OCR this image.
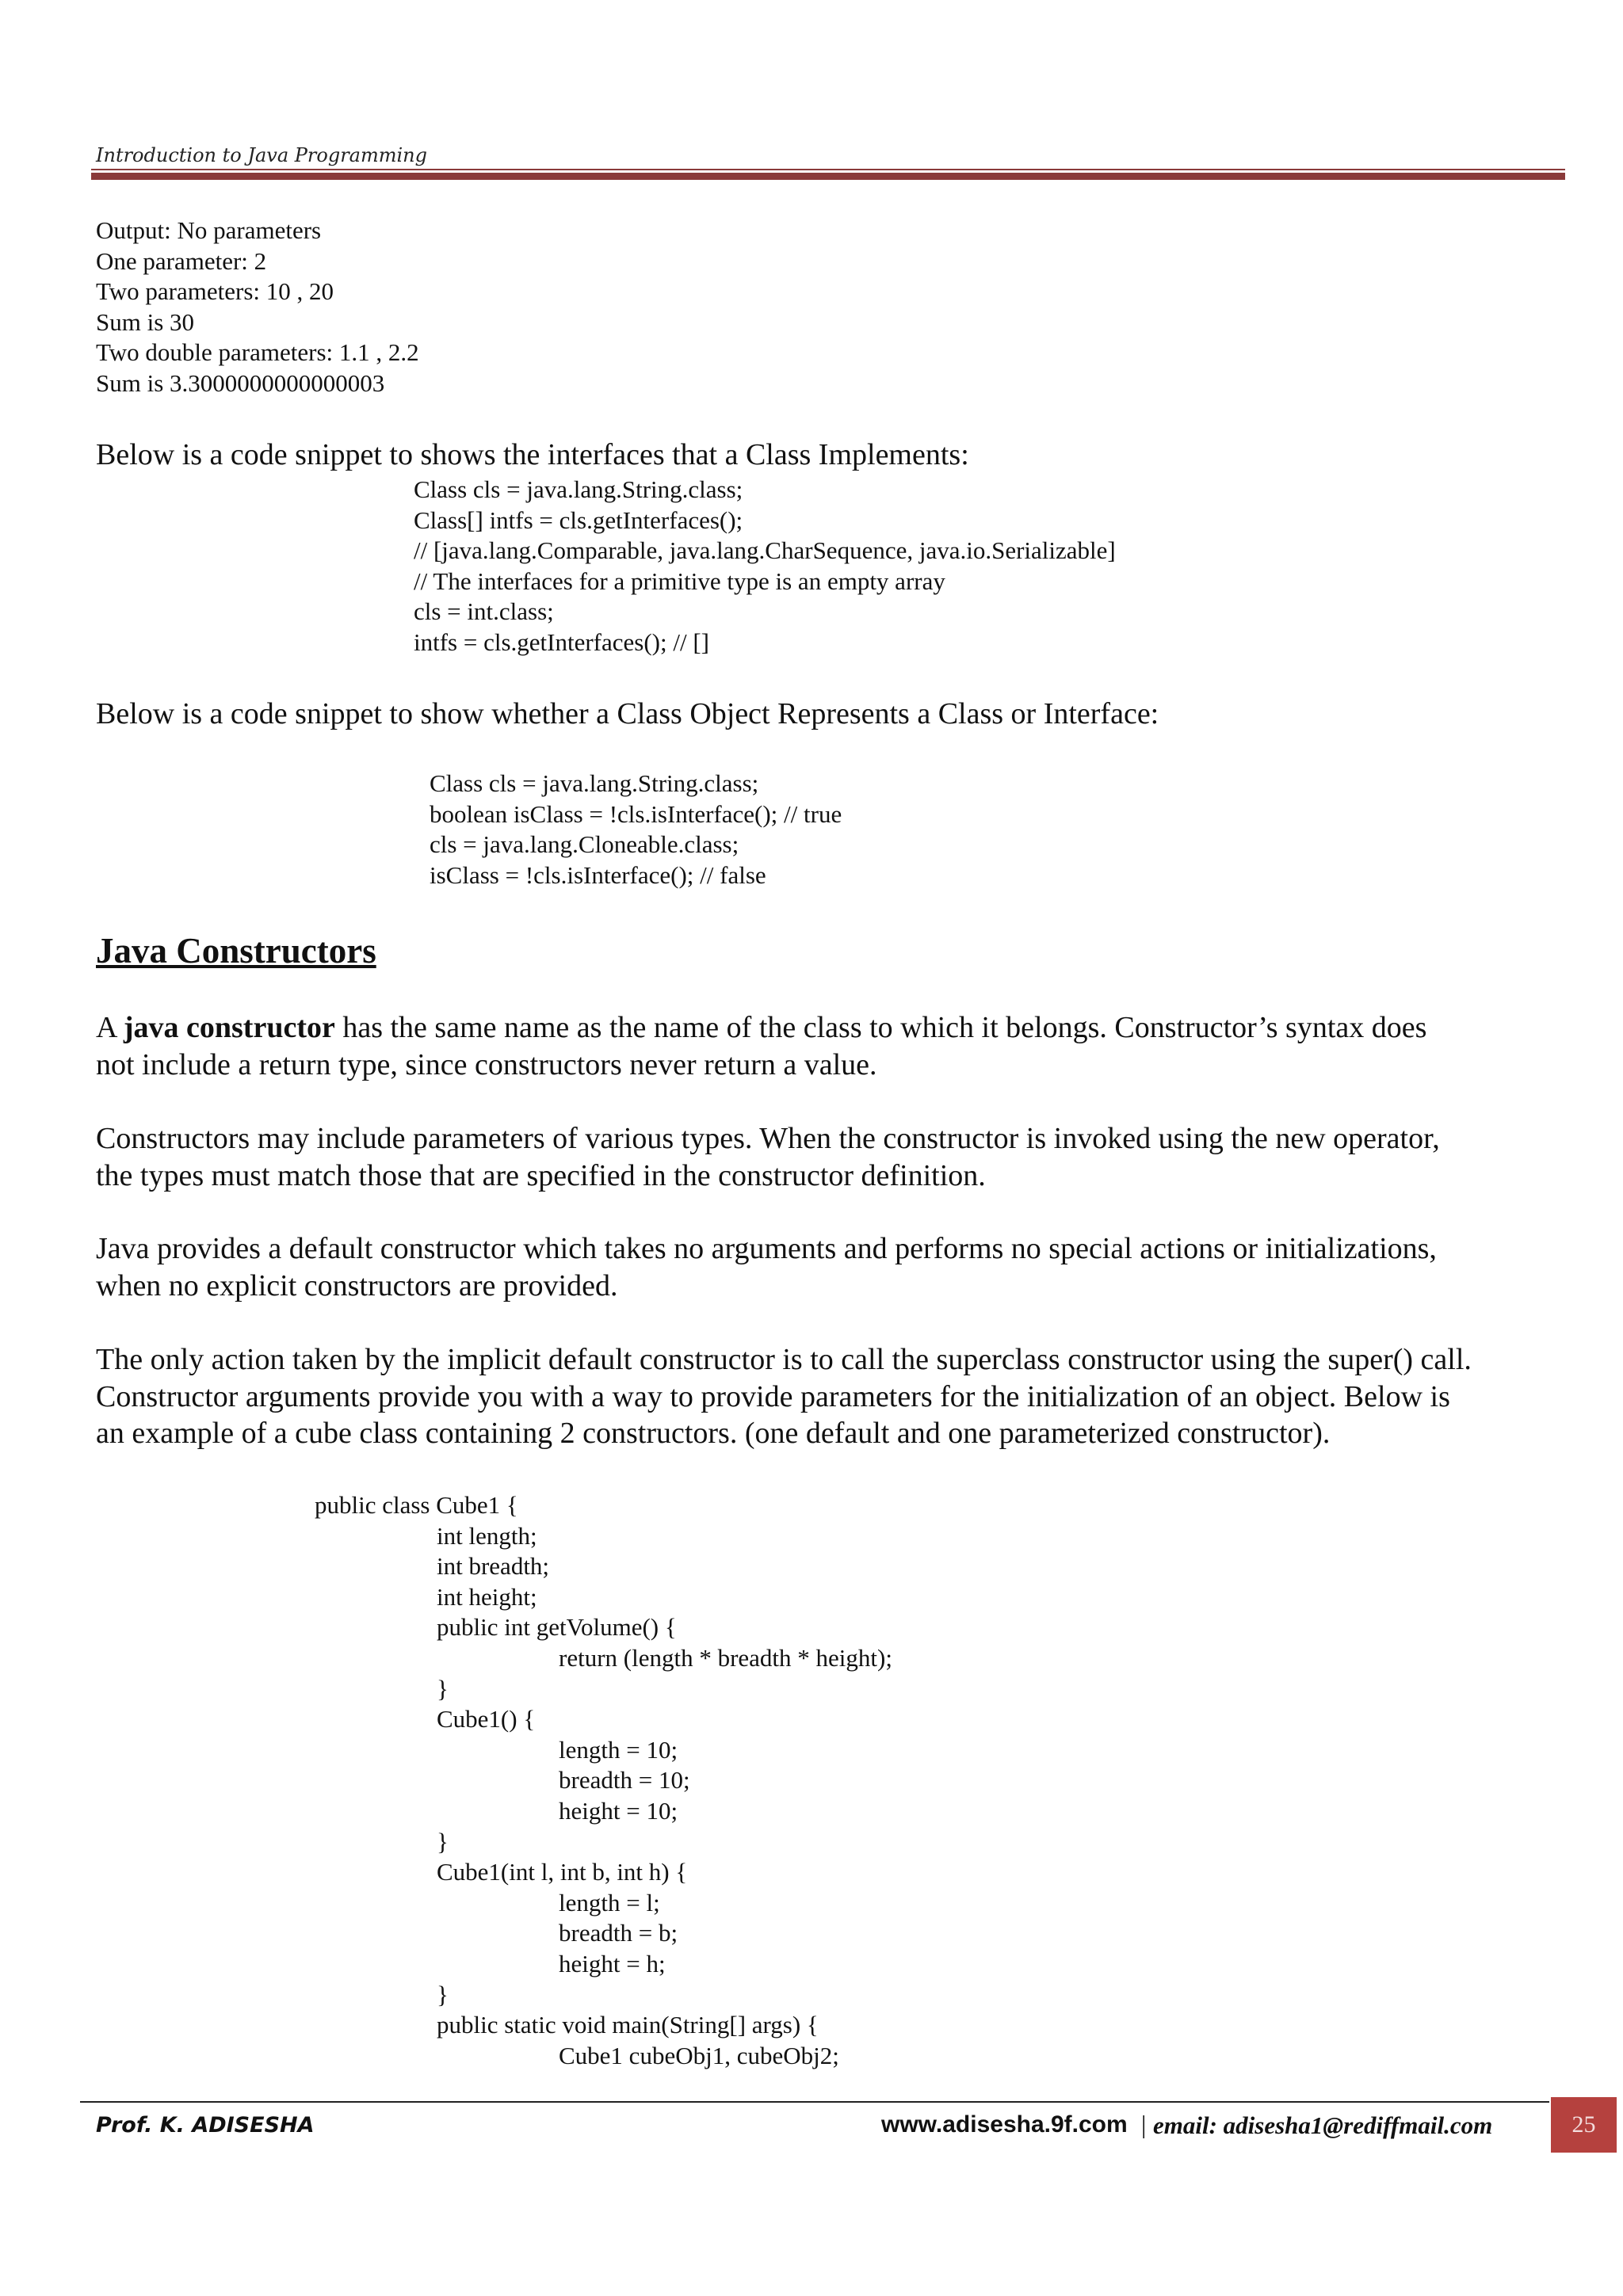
Introduction to Java Programming
Output: No parameters
One parameter: 2
Two parameters: 10 , 20
Sum is 30
Two double parameters: 1.1 , 2.2
Sum is 3.3000000000000003
Below is a code snippet to shows the interfaces that a Class Implements:
Class cls = java.lang.String.class;
Class[] intfs = cls.getInterfaces();
// [java.lang.Comparable, java.lang.CharSequence, java.io.Serializable]
// The interfaces for a primitive type is an empty array
cls = int.class;
intfs = cls.getInterfaces(); // []
Below is a code snippet to show whether a Class Object Represents a Class or Interface:
Class cls = java.lang.String.class;
boolean isClass = !cls.isInterface(); // true
cls = java.lang.Cloneable.class;
isClass = !cls.isInterface(); // false
Java Constructors
A java constructor has the same name as the name of the class to which it belongs. Constructor’s syntax does
not include a return type, since constructors never return a value.
Constructors may include parameters of various types. When the constructor is invoked using the new operator,
the types must match those that are specified in the constructor definition.
Java provides a default constructor which takes no arguments and performs no special actions or initializations,
when no explicit constructors are provided.
The only action taken by the implicit default constructor is to call the superclass constructor using the super() call.
Constructor arguments provide you with a way to provide parameters for the initialization of an object. Below is
an example of a cube class containing 2 constructors. (one default and one parameterized constructor).
public class Cube1 {
int length;
int breadth;
int height;
public int getVolume() {
return (length * breadth * height);
}
Cube1() {
length = 10;
breadth = 10;
height = 10;
}
Cube1(int l, int b, int h) {
length = l;
breadth = b;
height = h;
}
public static void main(String[] args) {
Cube1 cubeObj1, cubeObj2;
Prof. K. ADISESHA	www.adisesha.9f.com | email: adisesha1@rediffmail.com	25
